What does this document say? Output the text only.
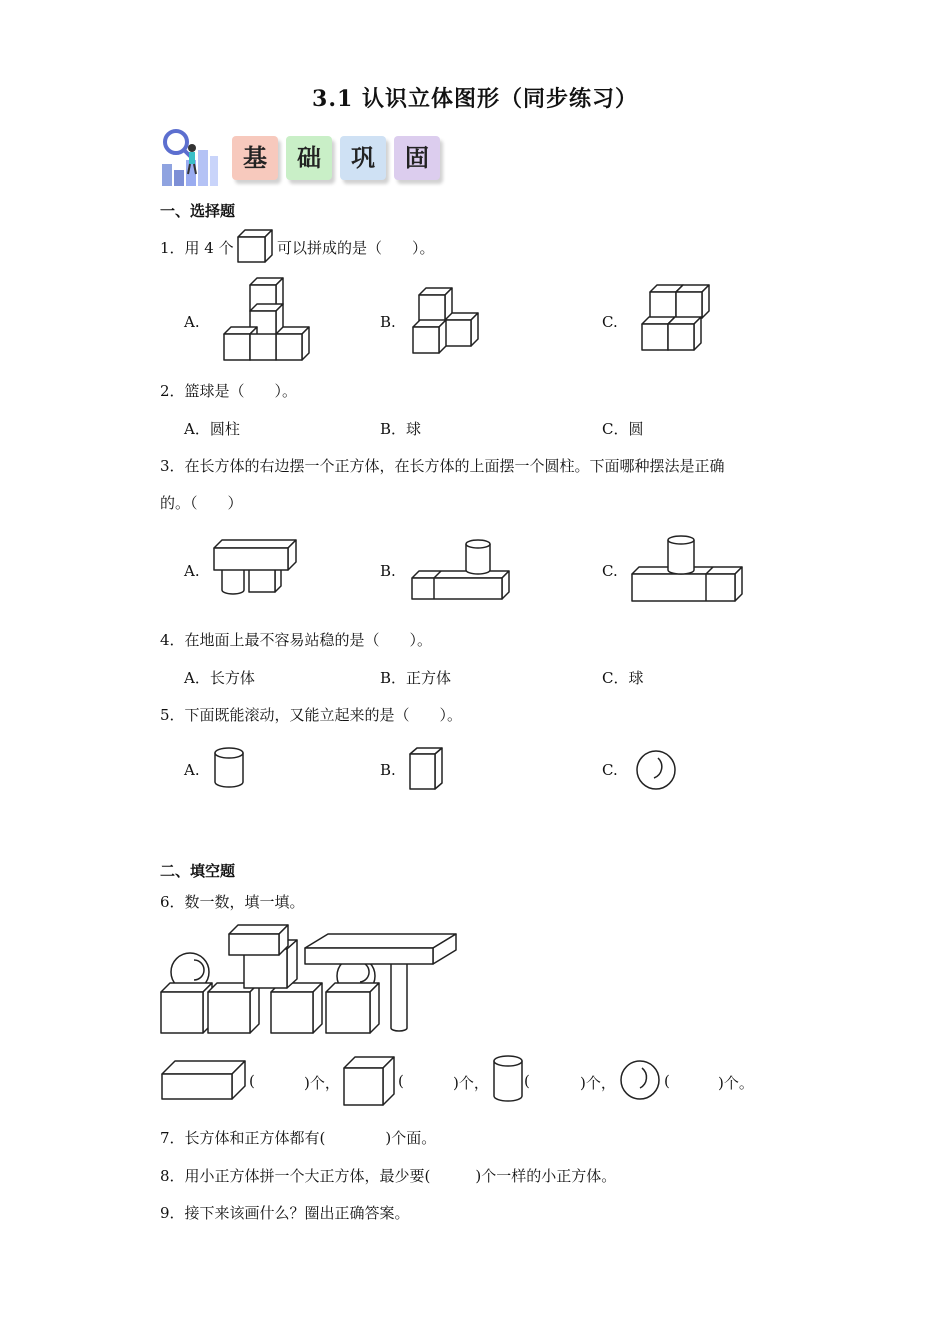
3.1 认识立体图形（同步练习）
基	础	巩	固
一、选择题
1．用 4 个	可以拼成的是（　　）。
A.	B.	C.
2．篮球是（　　）。
A．圆柱	B．球	C．圆
3．在长方体的右边摆一个正方体，在长方体的上面摆一个圆柱。下面哪种摆法是正确
的。（　　）
A.	B.	C.
4．在地面上最不容易站稳的是（　　）。
A．长方体	B．正方体	C．球
5．下面既能滚动，又能立起来的是（　　）。
A.	B.	C.
二、填空题
6．数一数，填一填。
(	)个，	(	)个， (	)个，	(	)个。
7．长方体和正方体都有(　　　　)个面。
8．用小正方体拼一个大正方体，最少要(　　　)个一样的小正方体。
9．接下来该画什么？圈出正确答案。
